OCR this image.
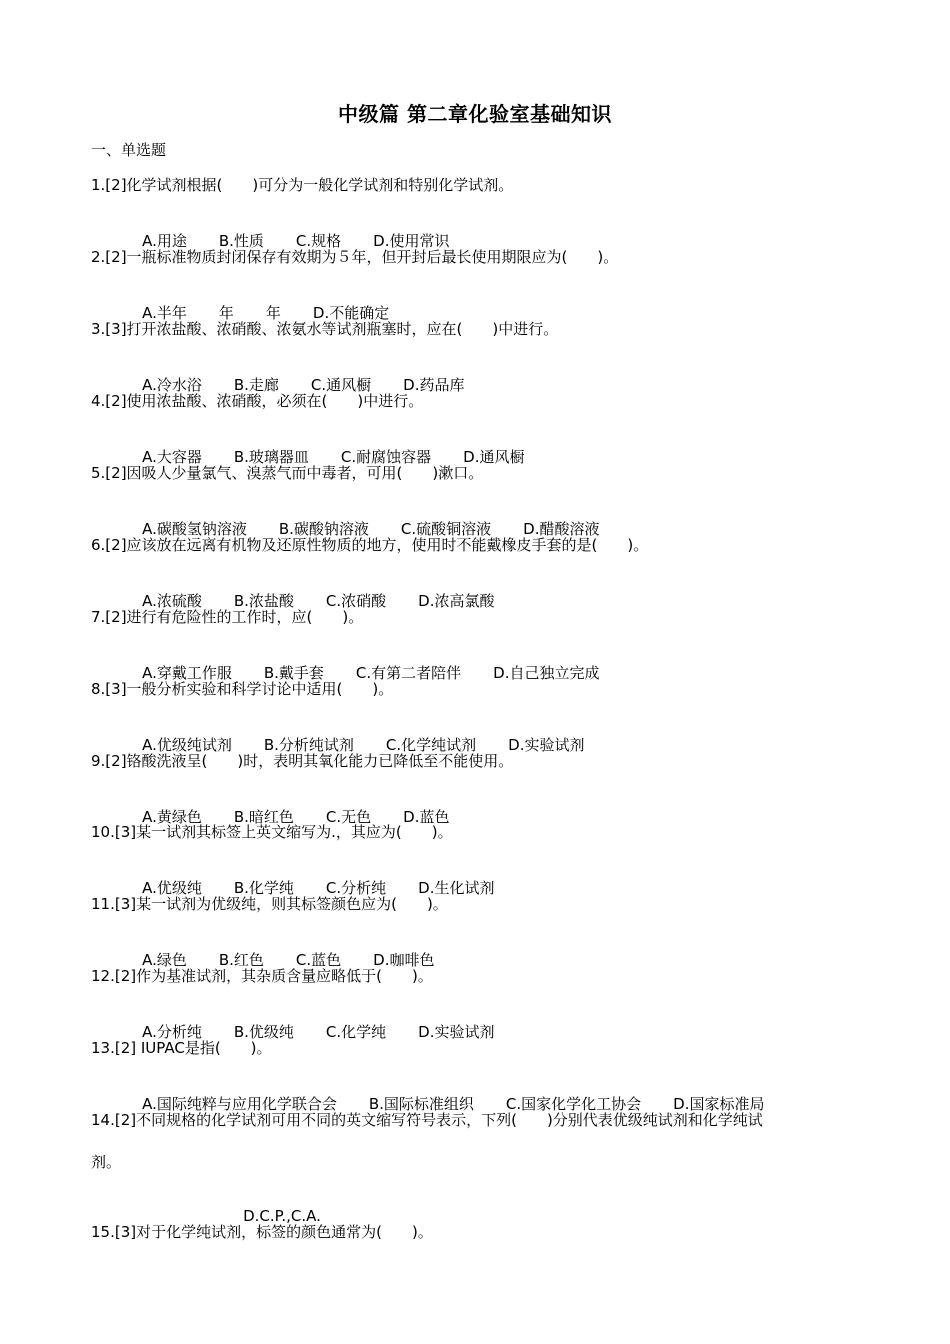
中级篇 第二章化验室基础知识
一、单选题
1.[2]化学试剂根据(　　)可分为一般化学试剂和特别化学试剂。

A.用途 B.性质 C.规格 D.使用常识

2.[2]一瓶标准物质封闭保存有效期为５年，但开封后最长使用期限应为(　　)。

A.半年 年 年 D.不能确定

3.[3]打开浓盐酸、浓硝酸、浓氨水等试剂瓶塞时，应在(　　)中进行。

A.冷水浴 B.走廊 C.通风橱 D.药品库

4.[2]使用浓盐酸、浓硝酸，必须在(　　)中进行。

A.大容器 B.玻璃器皿 C.耐腐蚀容器 D.通风橱

5.[2]因吸人少量氯气、溴蒸气而中毒者，可用(　　)漱口。

A.碳酸氢钠溶液 B.碳酸钠溶液 C.硫酸铜溶液 D.醋酸溶液

6.[2]应该放在远离有机物及还原性物质的地方，使用时不能戴橡皮手套的是(　　)。

A.浓硫酸 B.浓盐酸 C.浓硝酸 D.浓高氯酸

7.[2]进行有危险性的工作时，应(　　)。

A.穿戴工作服 B.戴手套 C.有第二者陪伴 D.自己独立完成

8.[3]一般分析实验和科学讨论中适用(　　)。

A.优级纯试剂 B.分析纯试剂 C.化学纯试剂 D.实验试剂

9.[2]铬酸洗液呈(　　)时，表明其氧化能力已降低至不能使用。

A.黄绿色 B.暗红色 C.无色 D.蓝色

10.[3]某一试剂其标签上英文缩写为.，其应为(　　)。

A.优级纯 B.化学纯 C.分析纯 D.生化试剂

11.[3]某一试剂为优级纯，则其标签颜色应为(　　)。

A.绿色 B.红色 C.蓝色 D.咖啡色

12.[2]作为基准试剂，其杂质含量应略低于(　　)。

A.分析纯 B.优级纯 C.化学纯 D.实验试剂

13.[2] IUPAC是指(　　)。

A.国际纯粹与应用化学联合会 B.国际标准组织 C.国家化学化工协会 D.国家标准局

14.[2]不同规格的化学试剂可用不同的英文缩写符号表示，下列(　　)分别代表优级纯试剂和化学纯试
剂。

D.C.P.,C.A.

15.[3]对于化学纯试剂，标签的颜色通常为(　　)。
